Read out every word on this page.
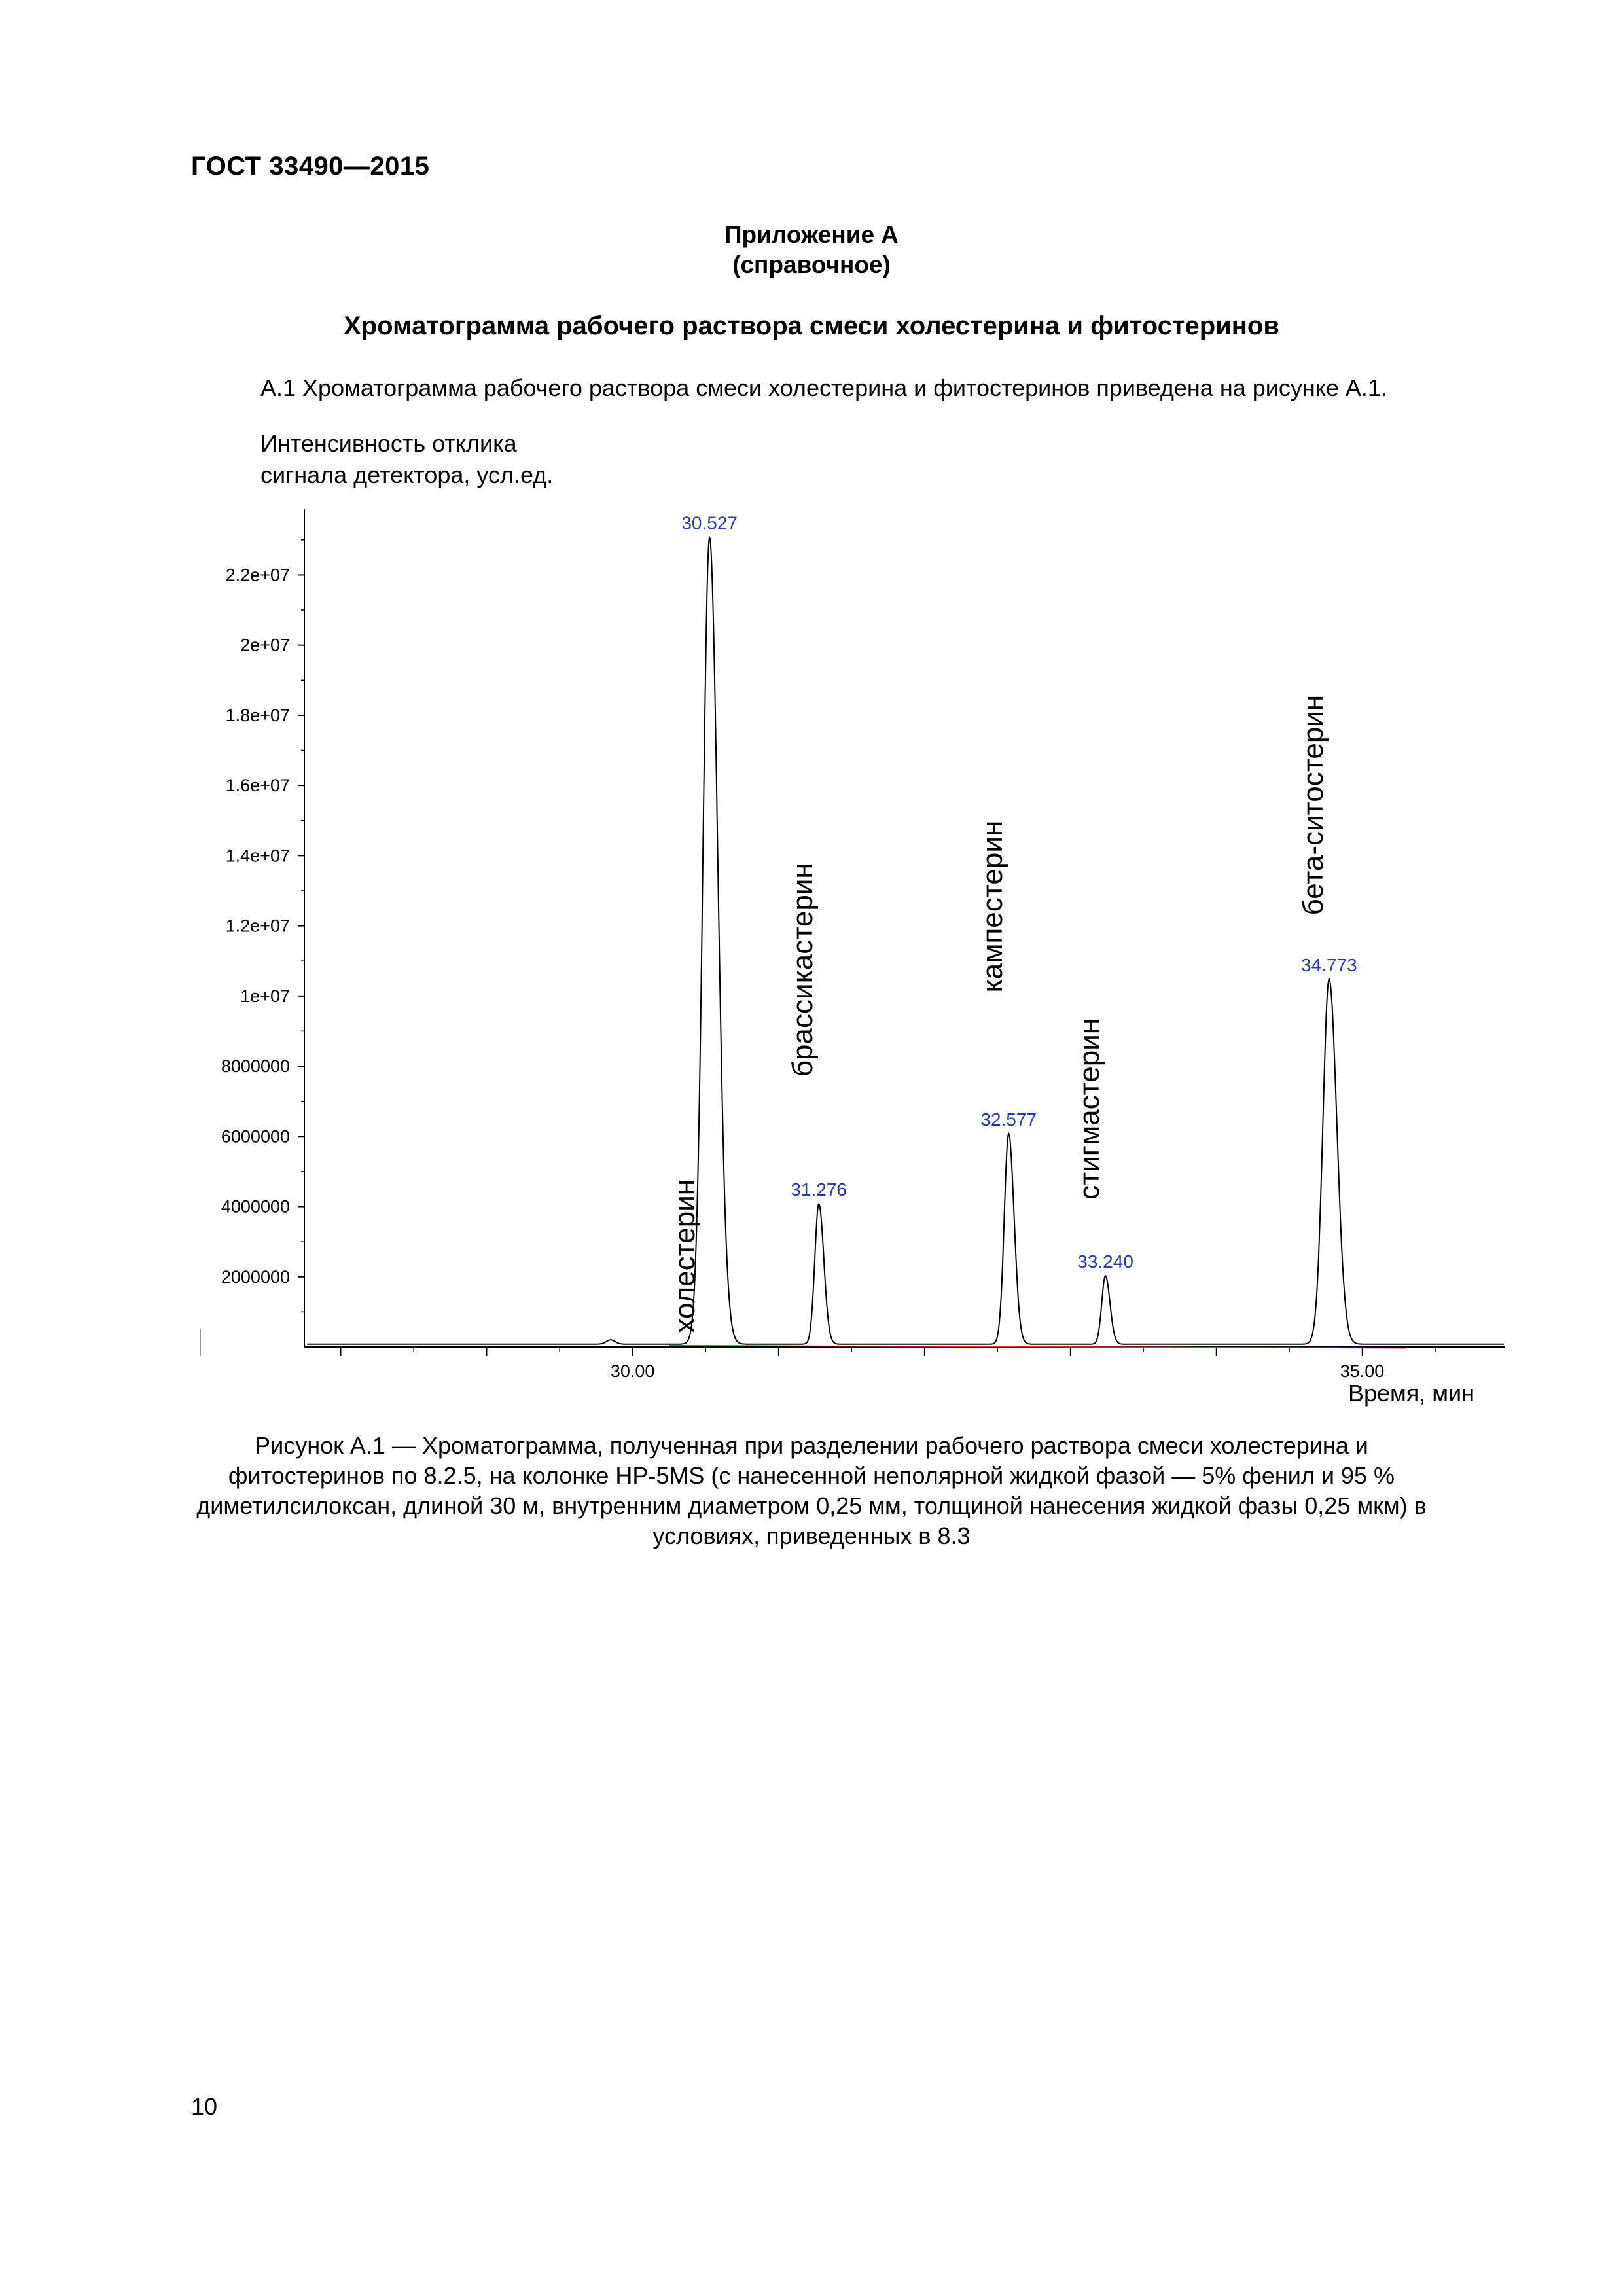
ГОСТ 33490—2015
Приложение А
(справочное)
Хроматограмма рабочего раствора смеси холестерина и фитостеринов
А.1 Хроматограмма рабочего раствора смеси холестерина и фитостеринов приведена на рисунке А.1.
Интенсивность отклика
сигнала детектора, усл.ед.
2000000
4000000
6000000
8000000
1e+07
1.2e+07
1.4e+07
1.6e+07
1.8e+07
2e+07
2.2e+07
30.00	35.00
30.527
холестерин	31.276
брассикастерин
32.577
кампестерин
33.240
стигмастерин
34.773
бета-ситостерин
Время, мин
Рисунок А.1 — Хроматограмма, полученная при разделении рабочего раствора смеси холестерина и
фитостеринов по 8.2.5, на колонке HP-5MS (с нанесенной неполярной жидкой фазой — 5% фенил и 95 %
диметилсилоксан, длиной 30 м, внутренним диаметром 0,25 мм, толщиной нанесения жидкой фазы 0,25 мкм) в
условиях, приведенных в 8.3
10
